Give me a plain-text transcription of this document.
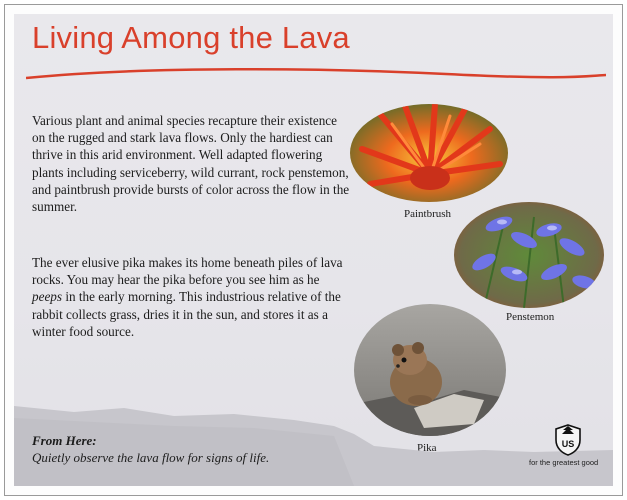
Living Among the Lava

Various plant and animal species recapture their existence on the rugged and stark lava flows. Only the hardiest can thrive in this arid environment. Well adapted flowering plants including serviceberry, wild currant, rock penstemon, and paintbrush provide bursts of color across the flow in the summer.

The ever elusive pika makes its home beneath piles of lava rocks. You may hear the pika before you see him as he peeps in the early morning. This industrious relative of the rabbit collects grass, dries it in the sun, and stores it as a winter food source.

Paintbrush

Penstemon

Pika

From Here:

Quietly observe the lava flow for signs of life.

US

for the greatest good
